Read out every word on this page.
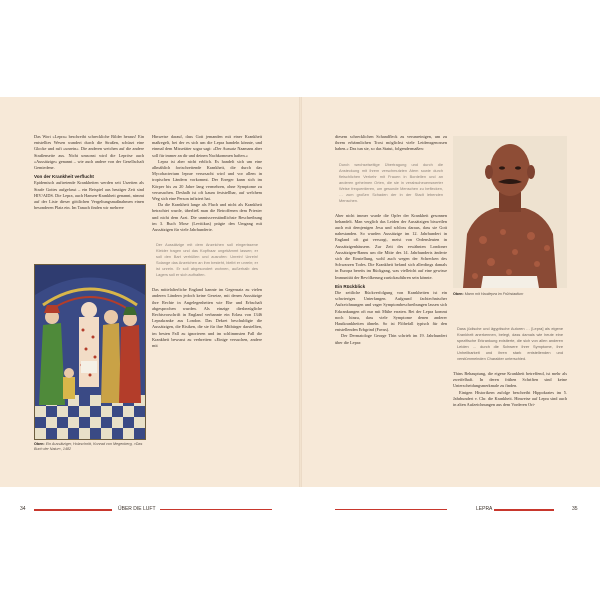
Das Wort »Lepra« beschreibt schreckliche Bilder heraus! Ein entstelltes Wesen wandert durch die Straßen, schürzt eine Glocke und ruft »unrein«. Die anderen weichen auf die andere Straßenseite aus. Nicht umsonst wird die Lepröse auch »Aussätzige« genannt – wie auch andere von der Gesellschaft Gemiedene.

Von der Krankheit verflucht

Epidemisch auftretende Krankheiten werden seit Urzeiten als Strafe Gottes aufgefasst – ein Beispiel aus heutiger Zeit sind HIV/AIDS. Die Lepra, auch Hansen-Krankheit genannt, nimmt auf der Liste dieser göttlichen Vergeltungsmaßnahmen einen besonderen Platz ein. Im Tanach finden wir mehrere

Oben: Ein Aussätziger, Holzschnitt, Konrad von Megenberg, »Das Buch der Natur«, 1482

Hinweise darauf, dass Gott jemanden mit einer Krankheit maßregelt, bei der es sich um die Lepra handeln könnte, und einmal dem Missetäter sogar sagt: »Der Aussatz Naamans aber soll für immer an dir und deinen Nachkommen haften.«

Lepra ist aber nicht erblich. Es handelt sich um eine allmählich fortschreitende Krankheit, die durch das Mycobacterium leprae verursacht wird und vor allem in tropischen Ländern vorkommt. Der Erreger kann sich im Körper bis zu 20 Jahre lang vermehren, ohne Symptome zu verursachen. Deshalb ist oft kaum feststellbar, auf welchem Weg sich eine Person infiziert hat.

Da die Krankheit lange als Fluch und nicht als Krankheit betrachtet wurde, überließ man die Betroffenen dem Priester und nicht dem Arzt. Die unmissverständlichste Beschreibung im 3. Buch Mose (Levitikus) prägte den Umgang mit Aussätzigen für viele Jahrhunderte.

Der Aussätzige mit dem Anzeichen soll eingerissene Kleider tragen und das Kopfhaar ungekämmt lassen; er soll den Bart verhüllen und ausrufen: Unrein! Unrein! Solange das Anzeichen an ihm besteht, bleibt er unrein; er ist unrein. Er soll abgesondert wohnen, außerhalb des Lagers soll er sich aufhalten.

Das mittelalterliche England kannte im Gegensatz zu vielen anderen Ländern jedoch keine Gesetze, mit denen Aussätzige ihre Rechte in Angelegenheiten wie Ehe und Erbschaft abgesprochen wurden. Als einzige diesbezügliche Rechtsvorschrift in England verbannte ein Erlass von 1346 Leprakranke aus London. Das Dekret beschuldigte die Aussätzigen, die Risiken, die sie für ihre Mitbürger darstellten, im besten Fall zu ignorieren und im schlimmsten Fall die Krankheit bewusst zu verbreiten: »Einige versuchen, andere mit

diesem schrecklichen Schandfleck zu verunreinigen, um zu ihrem erbärmlichen Trost möglichst viele Leidensgenossen haben.« Das tun sie, so das Statut, folgendermaßen:

Durch wechselseitige Übertragung und durch die Ansteckung mit ihrem verschmutzten Atem sowie durch fleischlichen Verkehr mit Frauen in Bordellen und an anderen geheimen Orten, die sie in verabscheuenswerter Weise frequentieren, um gesunde Menschen zu beflecken, … zum großen Schaden der in der Stadt lebenden Menschen.

Aber nicht immer wurde die Opfer der Krankheit gesonnen behandelt. Man verglich das Leiden der Aussätzigen bisweilen auch mit demjenigen Jesu und schloss daraus, dass sie Gott nahestanden. So wurden Aussätzige im 12. Jahrhundert in England oft gut versorgt, meist von Ordensleuten in Aussätzigenhäusern. Zur Zeit des erwähnten Londoner Aussätzigen-Banns um die Mitte des 14. Jahrhunderts änderte sich die Einstellung, wohl auch wegen der Schrecken des Schwarzen Todes. Die Krankheit befand sich allerdings damals in Europa bereits im Rückgang, was vielleicht auf eine gewisse Immunität der Bevölkerung zurückzuführen sein könnte.

Ein Rückblick

Die zeitliche Rückverfolgung von Krankheiten ist ein schwieriges Unterfangen. Aufgrund fachtechnischer Aufzeichnungen und vager Symptombeschreibungen lassen sich Erkrankungen oft nur mit Mühe erraten. Bei der Lepra kommt noch hinzu, dass viele Symptome denen anderer Hautkrankheiten ähneln. So ist Flöhefall typisch für den entstellenden Erbgrind (Favus).

Der Dermatologe George Thin schrieb im 19. Jahrhundert über die Lepra:

Oben: Mann mit Hautlepra im Frühstadium
Dass jüdische und ägyptische Autoren … [Lepra] als eigene Krankheit anerkennen, belegt, dass damals wie heute eine spezifische Erkrankung existierte, die sich von allen anderen Leiden … durch die Schwere ihrer Symptome, ihre Unheilbarkeit und ihren stark entstellenden und verstümmelnden Charakter unterschied.

Thins Behauptung, die eigene Krankheit betreffend, ist mehr als zweifelhaft. In deren frühen Schriften sind keine Unterscheidungsmerkmale zu finden.

Einigen Historikern zufolge beschreibt Hippokrates im 5. Jahrhundert v. Chr. die Krankheit. Hinweise auf Lepra sind auch in alten Aufzeichnungen aus dem Vorderen Ori-

34	ÜBER DIE LUFT	LEPRA	35
